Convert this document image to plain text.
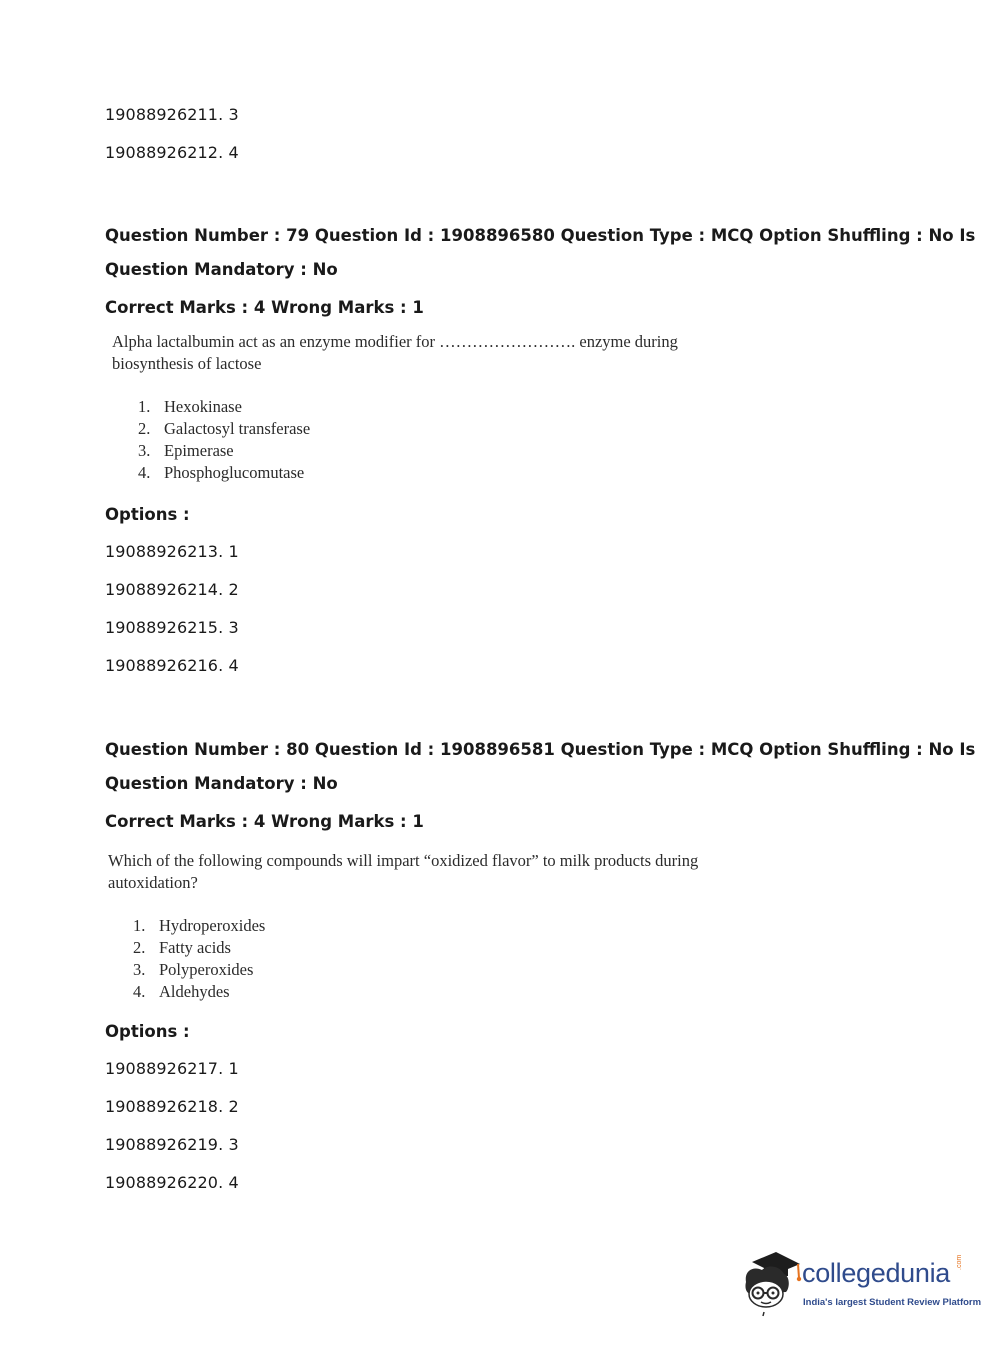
19088926211. 3
19088926212. 4
Question Number : 79 Question Id : 1908896580 Question Type : MCQ Option Shuffling : No Is
Question Mandatory : No
Correct Marks : 4 Wrong Marks : 1
Alpha lactalbumin act as an enzyme modifier for ……………………. enzyme during
biosynthesis of lactose
1. Hexokinase
2. Galactosyl transferase
3. Epimerase
4. Phosphoglucomutase
Options :
19088926213. 1
19088926214. 2
19088926215. 3
19088926216. 4
Question Number : 80 Question Id : 1908896581 Question Type : MCQ Option Shuffling : No Is
Question Mandatory : No
Correct Marks : 4 Wrong Marks : 1
Which of the following compounds will impart “oxidized flavor” to milk products during
autoxidation?
1. Hydroperoxides
2. Fatty acids
3. Polyperoxides
4. Aldehydes
Options :
19088926217. 1
19088926218. 2
19088926219. 3
19088926220. 4
collegedunia .com
India's largest Student Review Platform
